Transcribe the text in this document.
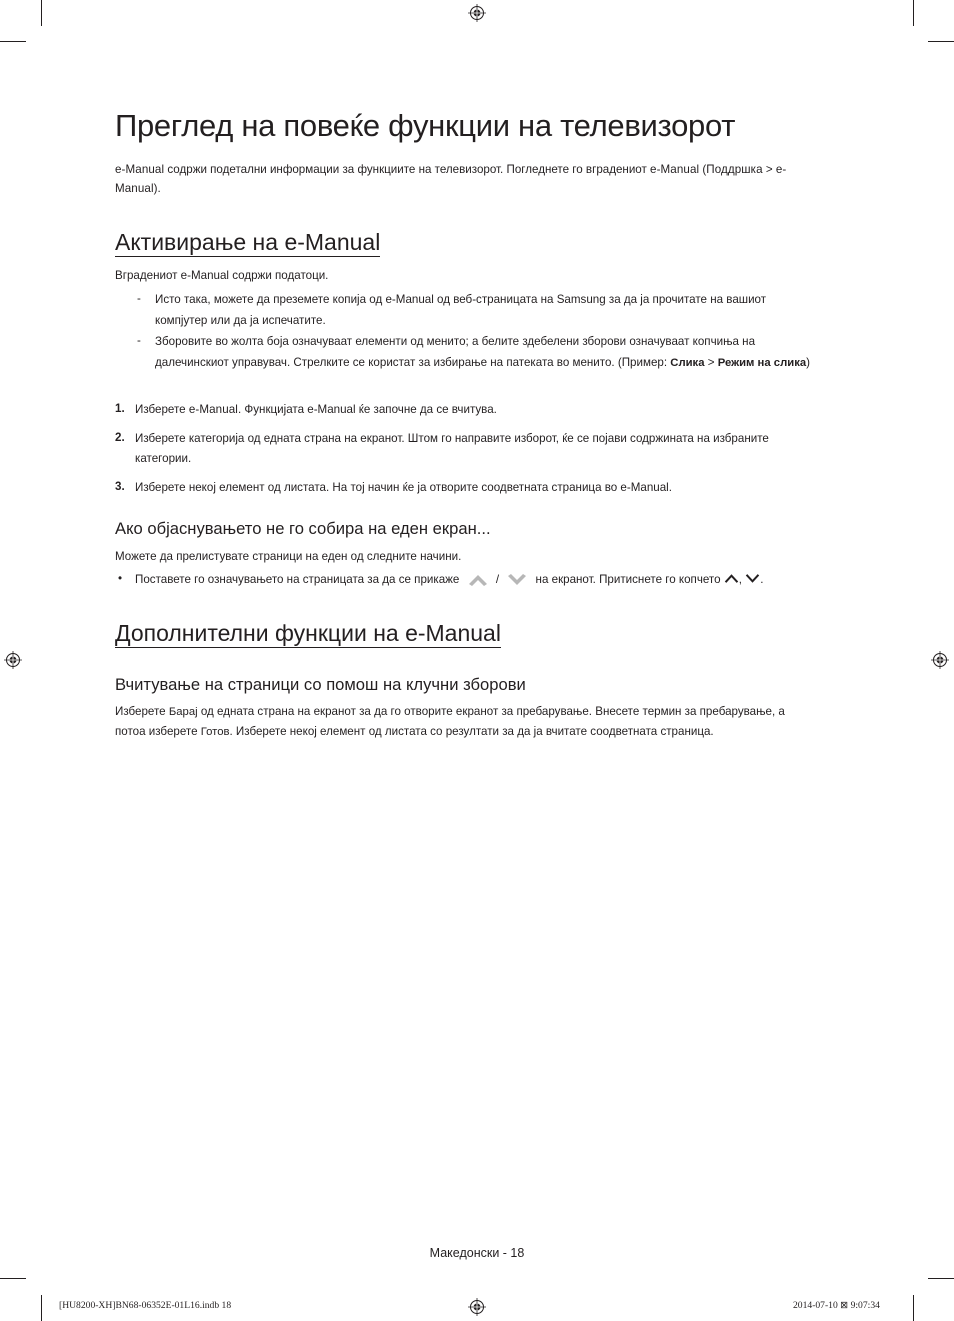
Преглед на повеќе функции на телевизорот

e-Manual содржи подетални информации за функциите на телевизорот. Погледнете го вградениот e-Manual (Поддршка > e-Manual).

Активирање на e-Manual

Вградениот e-Manual содржи податоци.

- Исто така, можете да преземете копија од e-Manual од веб-страницата на Samsung за да ја прочитате на вашиот компјутер или да ја испечатите.
- Зборовите во жолта боја означуваат елементи од менито; а белите здебелени зборови означуваат копчиња на далечинскиот управувач. Стрелките се користат за избирање на патеката во менито. (Пример: Слика > Режим на слика)
1. Изберете e-Manual. Функцијата e-Manual ќе започне да се вчитува.
2. Изберете категорија од едната страна на екранот. Штом го направите изборот, ќе се појави содржината на избраните категории.
3. Изберете некој елемент од листата. На тој начин ќе ја отворите соодветната страница во e-Manual.
Ако објаснувањето не го собира на еден екран...

Можете да прелистувате страници на еден од следните начини.

• Поставете го означувањето на страницата за да се прикаже	/	на екранот. Притиснете го копчето , .
Дополнителни функции на e-Manual
Вчитување на страници со помош на клучни зборови

Изберете Барај од едната страна на екранот за да го отворите екранот за пребарување. Внесете термин за пребарување, а потоа изберете Готов. Изберете некој елемент од листата со резултати за да ја вчитате соодветната страница.

Македонски - 18
[HU8200-XH]BN68-06352E-01L16.indb 18	2014-07-10 ⊠ 9:07:34
